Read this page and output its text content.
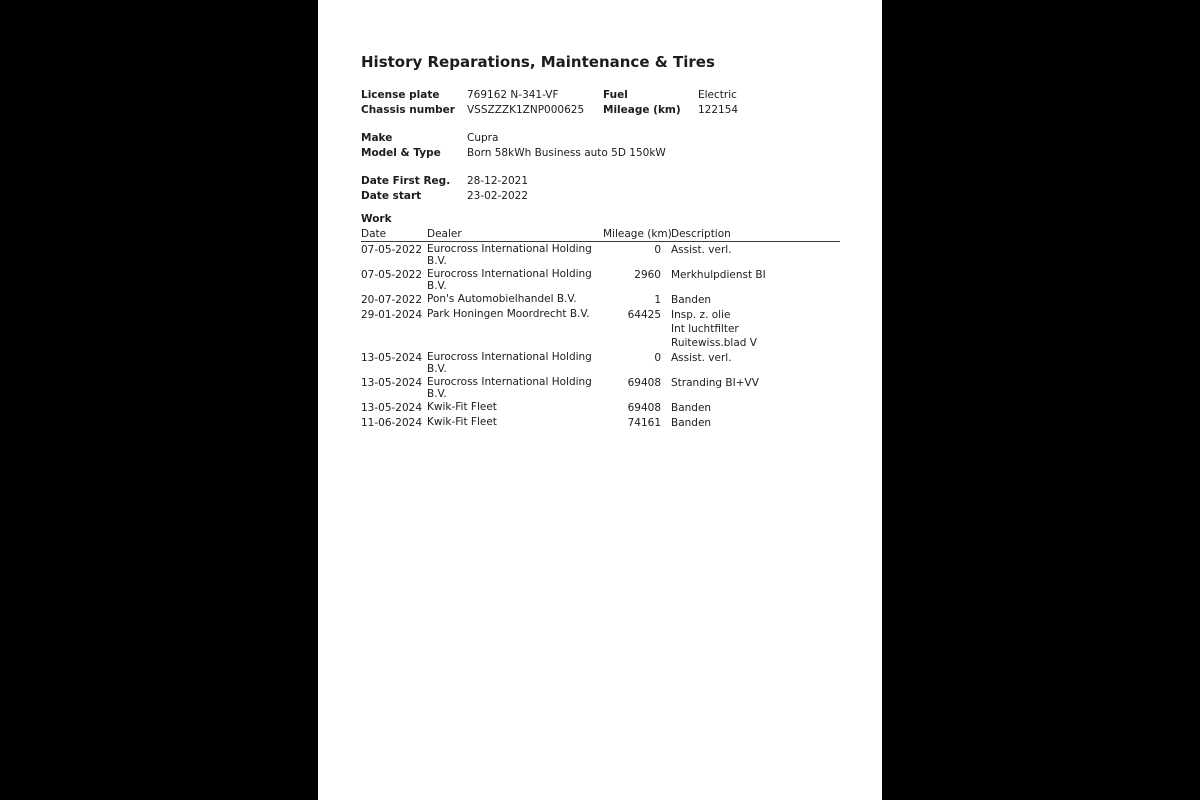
History Reparations, Maintenance & Tires
License plate	769162 N-341-VF	Fuel	Electric
Chassis number	VSSZZZK1ZNP000625	Mileage (km)	122154
Make	Cupra
Model & Type	Born 58kWh Business auto 5D 150kW
Date First Reg.	28-12-2021
Date start	23-02-2022
Work
Date	Dealer	Mileage (km)	Description
07-05-2022	Eurocross International Holding B.V.	0	Assist. verl.

07-05-2022	Eurocross International Holding B.V.	2960	Merkhulpdienst BI

20-07-2022	Pon's Automobielhandel B.V.	1	Banden

29-01-2024	Park Honingen Moordrecht B.V.	64425	Insp. z. olie
Int luchtfilter
Ruitewiss.blad V

13-05-2024	Eurocross International Holding B.V.	0	Assist. verl.

13-05-2024	Eurocross International Holding B.V.	69408	Stranding BI+VV

13-05-2024	Kwik-Fit Fleet	69408	Banden

11-06-2024	Kwik-Fit Fleet	74161	Banden
